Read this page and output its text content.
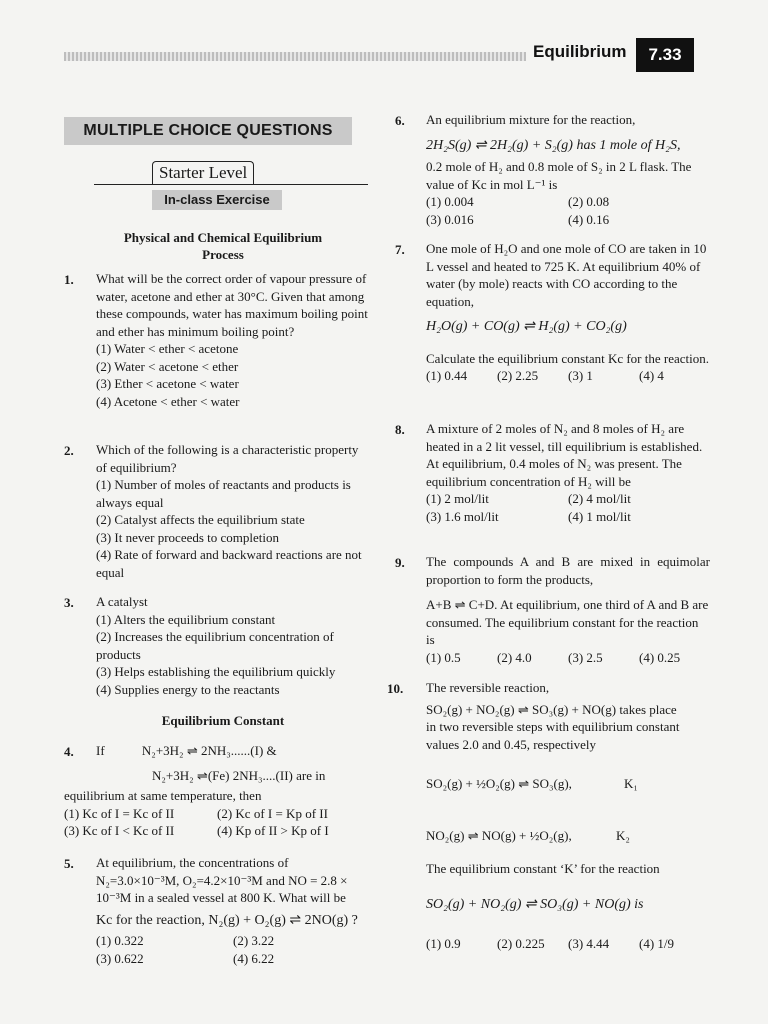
Equilibrium	7.33
MULTIPLE CHOICE QUESTIONS
Starter Level
In-class Exercise
Physical and Chemical Equilibrium Process
1. What will be the correct order of vapour pressure of water, acetone and ether at 30°C. Given that among these compounds, water has maximum boiling point and ether has minimum boiling point?

(1) Water < ether < acetone

(2) Water < acetone < ether

(3) Ether < acetone < water

(4) Acetone < ether < water

2. Which of the following is a characteristic property of equilibrium?

(1) Number of moles of reactants and products is always equal

(2) Catalyst affects the equilibrium state

(3) It never proceeds to completion

(4) Rate of forward and backward reactions are not equal

3. A catalyst

(1) Alters the equilibrium constant

(2) Increases the equilibrium concentration of products

(3) Helps establishing the equilibrium quickly

(4) Supplies energy to the reactants

Equilibrium Constant
4. If	N₂+3H₂ ⇌ 2NH₃......(I) &

N₂+3H₂ ⇌(Fe) 2NH₃....(II) are in

equilibrium at same temperature, then

(1) Kc of I = Kc of II	(2) Kc of I = Kp of II
(3) Kc of I < Kc of II	(4) Kp of II > Kp of I
5. At equilibrium, the concentrations of N₂=3.0×10⁻³M, O₂=4.2×10⁻³M and NO = 2.8 × 10⁻³M in a sealed vessel at 800 K. What will be

Kc for the reaction, N₂(g) + O₂(g) ⇌ 2NO(g) ?

(1) 0.322	(2) 3.22
(3) 0.622	(4) 6.22
6. An equilibrium mixture for the reaction,

2H₂S(g) ⇌ 2H₂(g) + S₂(g) has 1 mole of H₂S,

0.2 mole of H₂ and 0.8 mole of S₂ in 2 L flask. The value of Kc in mol L⁻¹ is

(1) 0.004	(2) 0.08
(3) 0.016	(4) 0.16
7. One mole of H₂O and one mole of CO are taken in 10 L vessel and heated to 725 K. At equilibrium 40% of water (by mole) reacts with CO according to the equation,

H₂O(g) + CO(g) ⇌ H₂(g) + CO₂(g)

Calculate the equilibrium constant Kc for the reaction.

(1) 0.44	(2) 2.25	(3) 1	(4) 4
8. A mixture of 2 moles of N₂ and 8 moles of H₂ are heated in a 2 lit vessel, till equilibrium is established. At equilibrium, 0.4 moles of N₂ was present. The equilibrium concentration of H₂ will be

(1) 2 mol/lit	(2) 4 mol/lit
(3) 1.6 mol/lit	(4) 1 mol/lit
9. The compounds A and B are mixed in equimolar proportion to form the products,

A+B ⇌ C+D. At equilibrium, one third of A and B are consumed. The equilibrium constant for the reaction is

(1) 0.5	(2) 4.0	(3) 2.5	(4) 0.25
10. The reversible reaction,

SO₂(g) + NO₂(g) ⇌ SO₃(g) + NO(g) takes place

in two reversible steps with equilibrium constant values 2.0 and 0.45, respectively

SO₂(g) + ½O₂(g) ⇌ SO₃(g),	K₁
NO₂(g) ⇌ NO(g) + ½O₂(g),	K₂

The equilibrium constant ‘K’ for the reaction

SO₂(g) + NO₂(g) ⇌ SO₃(g) + NO(g) is

(1) 0.9	(2) 0.225	(3) 4.44	(4) 1/9
